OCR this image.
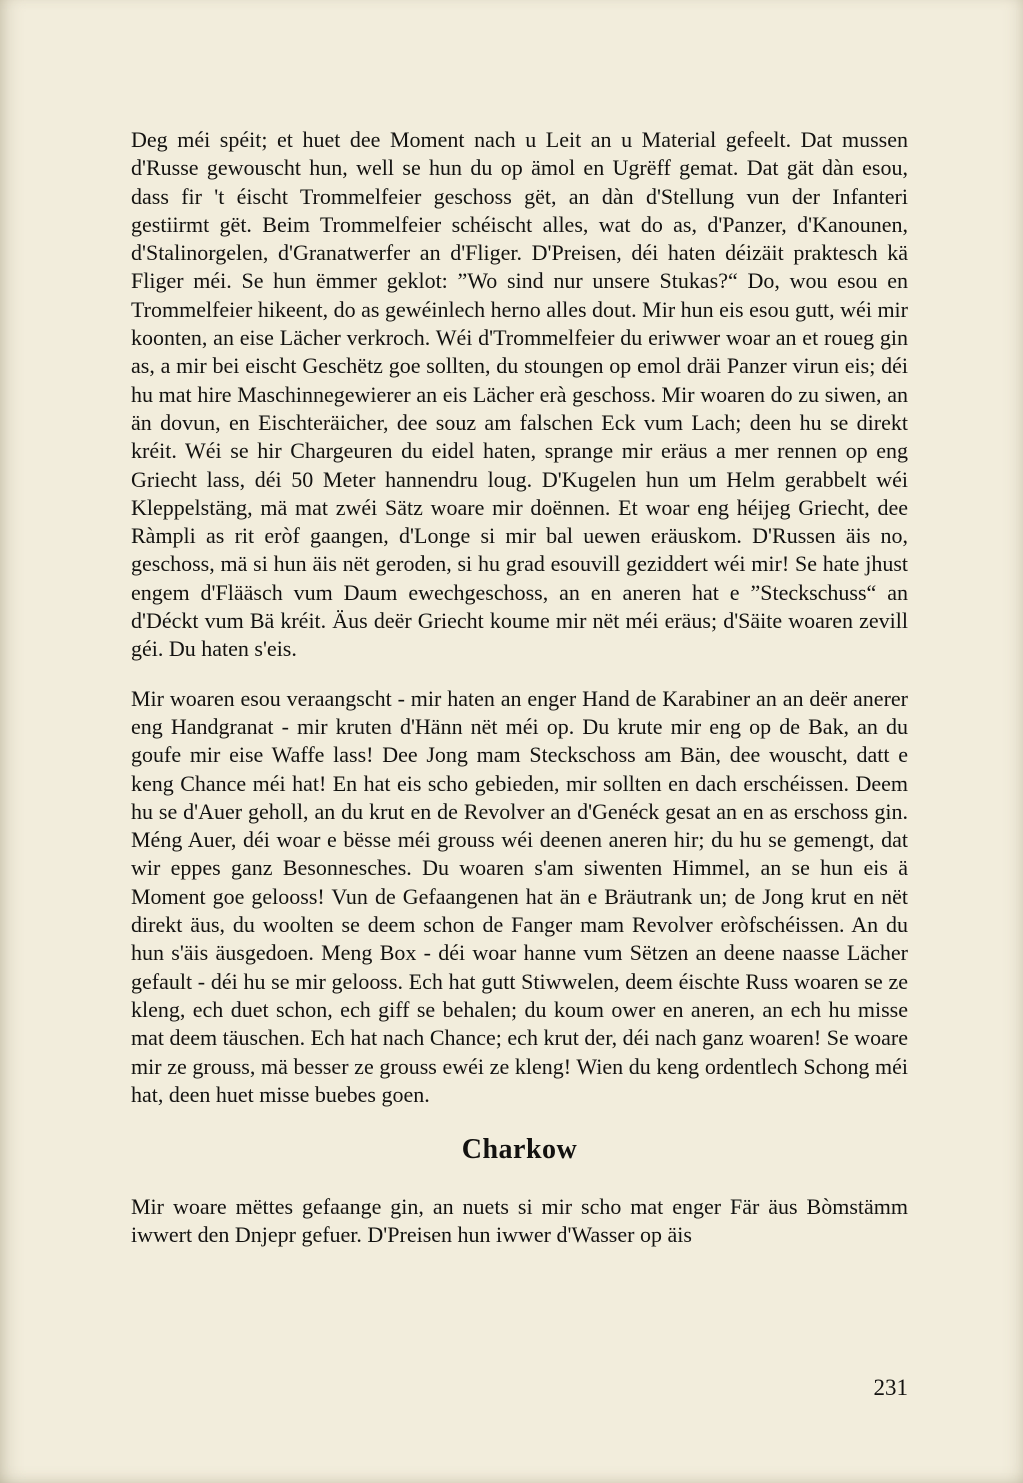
Deg méi spéit; et huet dee Moment nach u Leit an u Material gefeelt. Dat mussen d'Russe gewouscht hun, well se hun du op ämol en Ugrëff gemat. Dat gät dàn esou, dass fir 't éischt Trommelfeier geschoss gët, an dàn d'Stellung vun der Infanteri gestiirmt gët. Beim Trommelfeier schéischt alles, wat do as, d'Panzer, d'Kanounen, d'Stalinorgelen, d'Granatwerfer an d'Fliger. D'Preisen, déi haten déizäit praktesch kä Fliger méi. Se hun ëmmer geklot: ”Wo sind nur unsere Stukas?“ Do, wou esou en Trommelfeier hikeent, do as gewéinlech herno alles dout. Mir hun eis esou gutt, wéi mir koonten, an eise Lächer verkroch. Wéi d'Trommelfeier du eriwwer woar an et roueg gin as, a mir bei eischt Geschëtz goe sollten, du stoungen op emol dräi Panzer virun eis; déi hu mat hire Maschinnegewierer an eis Lächer erà geschoss. Mir woaren do zu siwen, an än dovun, en Eischteräicher, dee souz am falschen Eck vum Lach; deen hu se direkt kréit. Wéi se hir Chargeuren du eidel haten, sprange mir eräus a mer rennen op eng Griecht lass, déi 50 Meter hannendru loug. D'Kugelen hun um Helm gerabbelt wéi Kleppelstäng, mä mat zwéi Sätz woare mir doënnen. Et woar eng héijeg Griecht, dee Ràmpli as rit eròf gaangen, d'Longe si mir bal uewen eräuskom. D'Russen äis no, geschoss, mä si hun äis nët geroden, si hu grad esouvill geziddert wéi mir! Se hate jhust engem d'Flääsch vum Daum ewechgeschoss, an en aneren hat e ”Steckschuss“ an d'Déckt vum Bä kréit. Äus deër Griecht koume mir nët méi eräus; d'Säite woaren zevill géi. Du haten s'eis.

Mir woaren esou veraangscht - mir haten an enger Hand de Karabiner an an deër anerer eng Handgranat - mir kruten d'Hänn nët méi op. Du krute mir eng op de Bak, an du goufe mir eise Waffe lass! Dee Jong mam Steckschoss am Bän, dee wouscht, datt e keng Chance méi hat! En hat eis scho gebieden, mir sollten en dach erschéissen. Deem hu se d'Auer geholl, an du krut en de Revolver an d'Genéck gesat an en as erschoss gin. Méng Auer, déi woar e bësse méi grouss wéi deenen aneren hir; du hu se gemengt, dat wir eppes ganz Besonnesches. Du woaren s'am siwenten Himmel, an se hun eis ä Moment goe gelooss! Vun de Gefaangenen hat än e Bräutrank un; de Jong krut en nët direkt äus, du woolten se deem schon de Fanger mam Revolver eròfschéissen. An du hun s'äis äusgedoen. Meng Box - déi woar hanne vum Sëtzen an deene naasse Lächer gefault - déi hu se mir gelooss. Ech hat gutt Stiwwelen, deem éischte Russ woaren se ze kleng, ech duet schon, ech giff se behalen; du koum ower en aneren, an ech hu misse mat deem täuschen. Ech hat nach Chance; ech krut der, déi nach ganz woaren! Se woare mir ze grouss, mä besser ze grouss ewéi ze kleng! Wien du keng ordentlech Schong méi hat, deen huet misse buebes goen.

Charkow

Mir woare mëttes gefaange gin, an nuets si mir scho mat enger Fär äus Bòmstämm iwwert den Dnjepr gefuer. D'Preisen hun iwwer d'Wasser op äis

231
